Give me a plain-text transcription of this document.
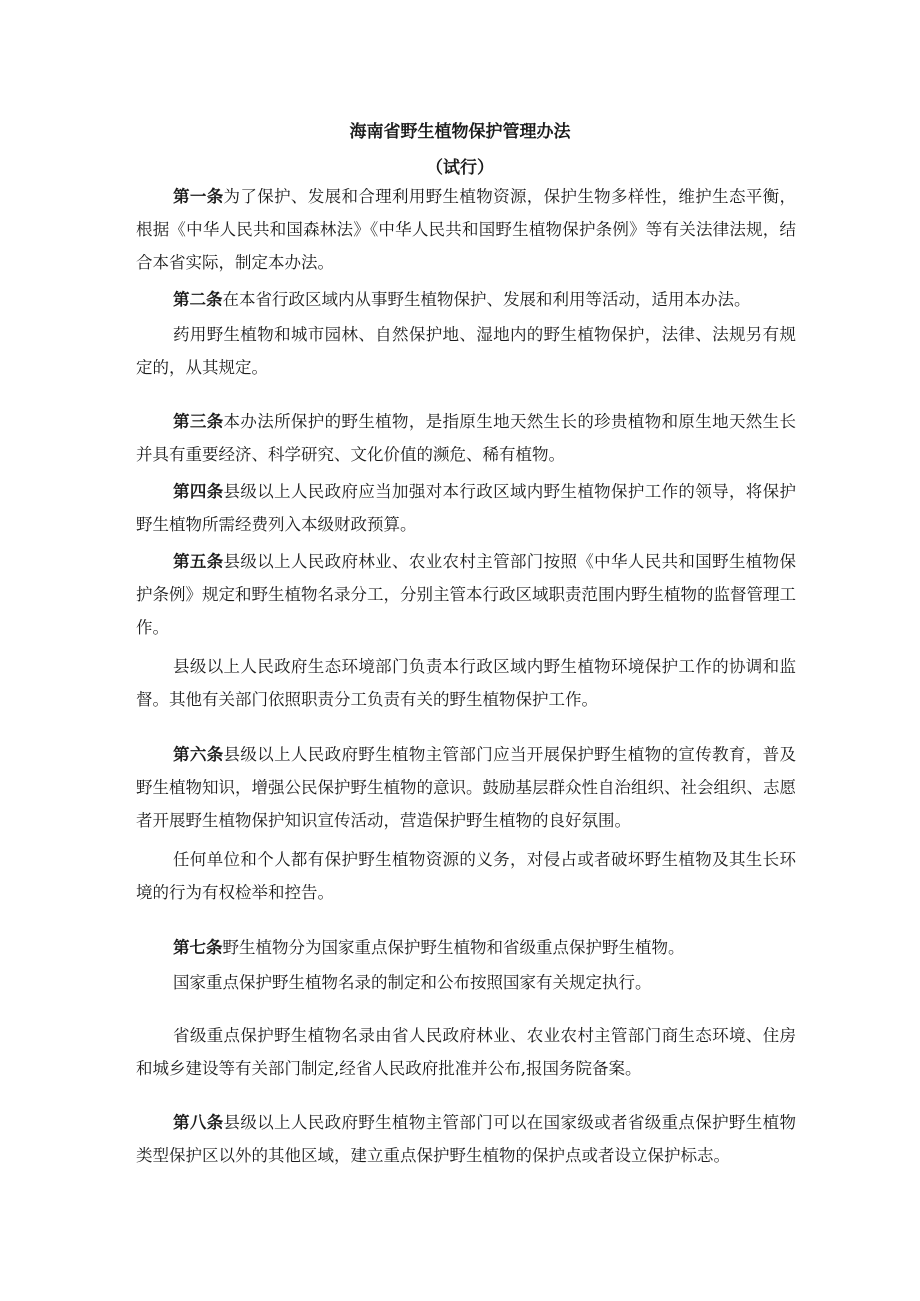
海南省野生植物保护管理办法
（试行）

第一条为了保护、发展和合理利用野生植物资源，保护生物多样性，维护生态平衡，根据《中华人民共和国森林法》《中华人民共和国野生植物保护条例》等有关法律法规，结合本省实际，制定本办法。

第二条在本省行政区域内从事野生植物保护、发展和利用等活动，适用本办法。

药用野生植物和城市园林、自然保护地、湿地内的野生植物保护，法律、法规另有规定的，从其规定。

第三条本办法所保护的野生植物，是指原生地天然生长的珍贵植物和原生地天然生长并具有重要经济、科学研究、文化价值的濒危、稀有植物。

第四条县级以上人民政府应当加强对本行政区域内野生植物保护工作的领导，将保护野生植物所需经费列入本级财政预算。

第五条县级以上人民政府林业、农业农村主管部门按照《中华人民共和国野生植物保护条例》规定和野生植物名录分工，分别主管本行政区域职责范围内野生植物的监督管理工作。

县级以上人民政府生态环境部门负责本行政区域内野生植物环境保护工作的协调和监督。其他有关部门依照职责分工负责有关的野生植物保护工作。

第六条县级以上人民政府野生植物主管部门应当开展保护野生植物的宣传教育，普及野生植物知识，增强公民保护野生植物的意识。鼓励基层群众性自治组织、社会组织、志愿者开展野生植物保护知识宣传活动，营造保护野生植物的良好氛围。

任何单位和个人都有保护野生植物资源的义务，对侵占或者破坏野生植物及其生长环境的行为有权检举和控告。

第七条野生植物分为国家重点保护野生植物和省级重点保护野生植物。

国家重点保护野生植物名录的制定和公布按照国家有关规定执行。

省级重点保护野生植物名录由省人民政府林业、农业农村主管部门商生态环境、住房和城乡建设等有关部门制定,经省人民政府批准并公布,报国务院备案。

第八条县级以上人民政府野生植物主管部门可以在国家级或者省级重点保护野生植物类型保护区以外的其他区域，建立重点保护野生植物的保护点或者设立保护标志。
